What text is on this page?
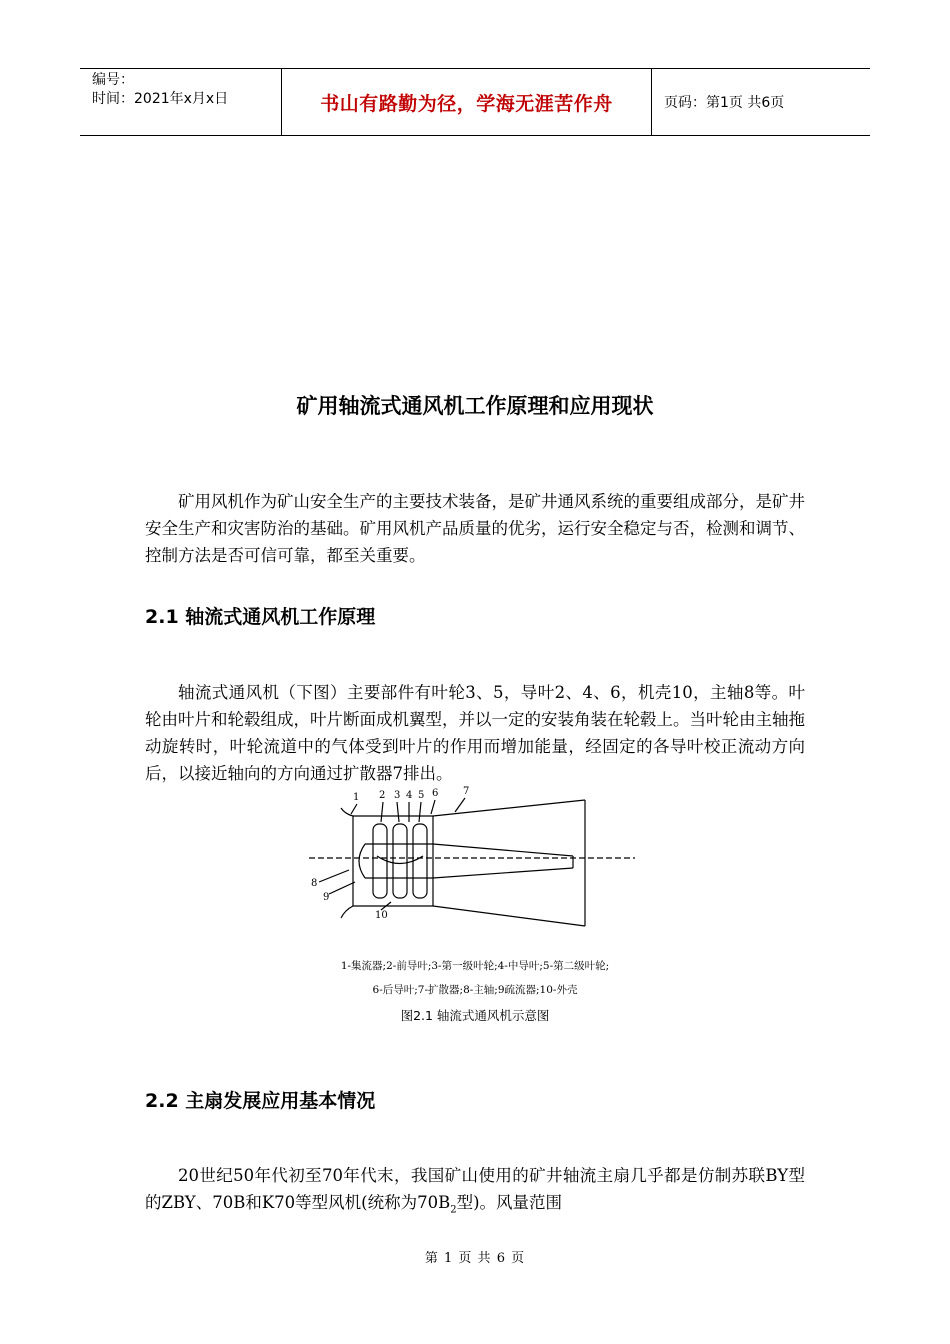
编号：
时间：2021年x月x日	书山有路勤为径，学海无涯苦作舟	页码：第1页 共6页
矿用轴流式通风机工作原理和应用现状

矿用风机作为矿山安全生产的主要技术装备，是矿井通风系统的重要组成部分，是矿井安全生产和灾害防治的基础。矿用风机产品质量的优劣，运行安全稳定与否，检测和调节、控制方法是否可信可靠，都至关重要。

2.1 轴流式通风机工作原理

轴流式通风机（下图）主要部件有叶轮3、5，导叶2、4、6，机壳10，主轴8等。叶轮由叶片和轮毂组成，叶片断面成机翼型，并以一定的安装角装在轮毂上。当叶轮由主轴拖动旋转时，叶轮流道中的气体受到叶片的作用而增加能量，经固定的各导叶校正流动方向后，以接近轴向的方向通过扩散器7排出。

1 2 3 4 5 6 7
8
9
10
1-集流器;2-前导叶;3-第一级叶轮;4-中导叶;5-第二级叶轮;
6-后导叶;7-扩散器;8-主轴;9疏流器;10-外壳
图2.1 轴流式通风机示意图
2.2 主扇发展应用基本情况

20世纪50年代初至70年代末，我国矿山使用的矿井轴流主扇几乎都是仿制苏联BY型的ZBY、70B和K70等型风机(统称为$70B_2$型)。风量范围

第 1 页 共 6 页
